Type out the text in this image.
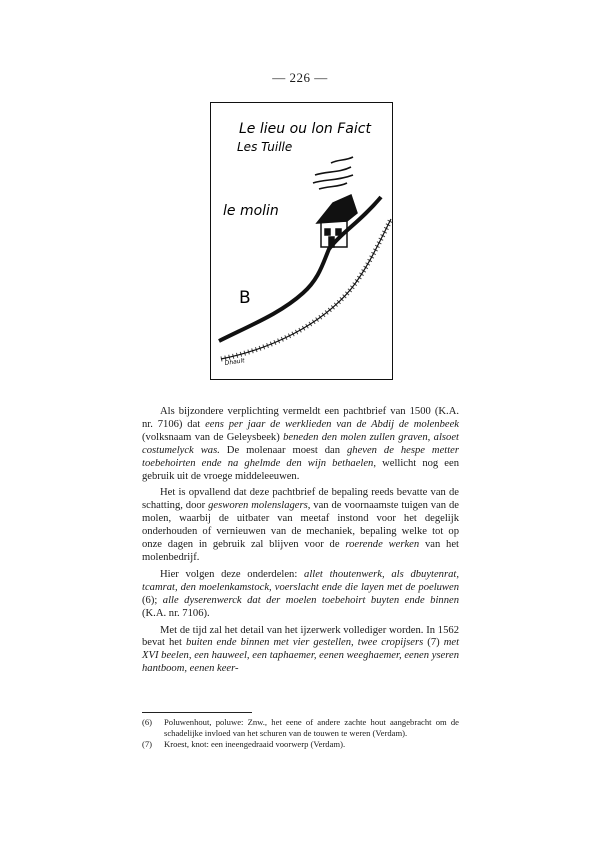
— 226 —
Le lieu ou lon Faict
Les Tuille
le molin
B
Dhault

Als bijzondere verplichting vermeldt een pachtbrief van 1500 (K.A. nr. 7106) dat eens per jaar de werklieden van de Abdij de molenbeek (volksnaam van de Geleysbeek) beneden den molen zullen graven, alsoet costumelyck was. De molenaar moest dan gheven de hespe metter toebehoirten ende na ghelmde den wijn bethaelen, wellicht nog een gebruik uit de vroege middeleeuwen.

Het is opvallend dat deze pachtbrief de bepaling reeds bevatte van de schatting, door gesworen molenslagers, van de voornaamste tuigen van de molen, waarbij de uitbater van meetaf instond voor het degelijk onderhouden of vernieuwen van de mechaniek, bepaling welke tot op onze dagen in gebruik zal blijven voor de roerende werken van het molenbedrijf.

Hier volgen deze onderdelen: allet thoutenwerk, als dbuytenrat, tcamrat, den moelenkamstock, voerslacht ende die layen met de poeluwen (6); alle dyserenwerck dat der moelen toebehoirt buyten ende binnen (K.A. nr. 7106).

Met de tijd zal het detail van het ijzerwerk vollediger worden. In 1562 bevat het buiten ende binnen met vier gestellen, twee cropijsers (7) met XVI beelen, een hauweel, een taphaemer, eenen weeghaemer, eenen yseren hantboom, eenen keer-

(6)	Poluwenhout, poluwe: Znw., het eene of andere zachte hout aangebracht om de schadelijke invloed van het schuren van de touwen te weren (Verdam).
(7)	Kroest, knot: een ineengedraaid voorwerp (Verdam).
